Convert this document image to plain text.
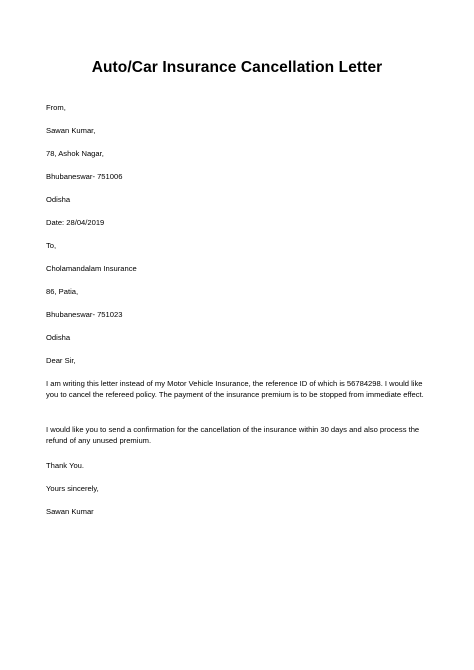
Auto/Car Insurance Cancellation Letter
From,
Sawan Kumar,
78, Ashok Nagar,
Bhubaneswar- 751006
Odisha
Date: 28/04/2019
To,
Cholamandalam Insurance
86, Patia,
Bhubaneswar- 751023
Odisha
Dear Sir,
I am writing this letter instead of my Motor Vehicle Insurance, the reference ID of which is 56784298. I would like you to cancel the refereed policy. The payment of the insurance premium is to be stopped from immediate effect.
I would like you to send a confirmation for the cancellation of the insurance within 30 days and also process the refund of any unused premium.
Thank You.
Yours sincerely,
Sawan Kumar
